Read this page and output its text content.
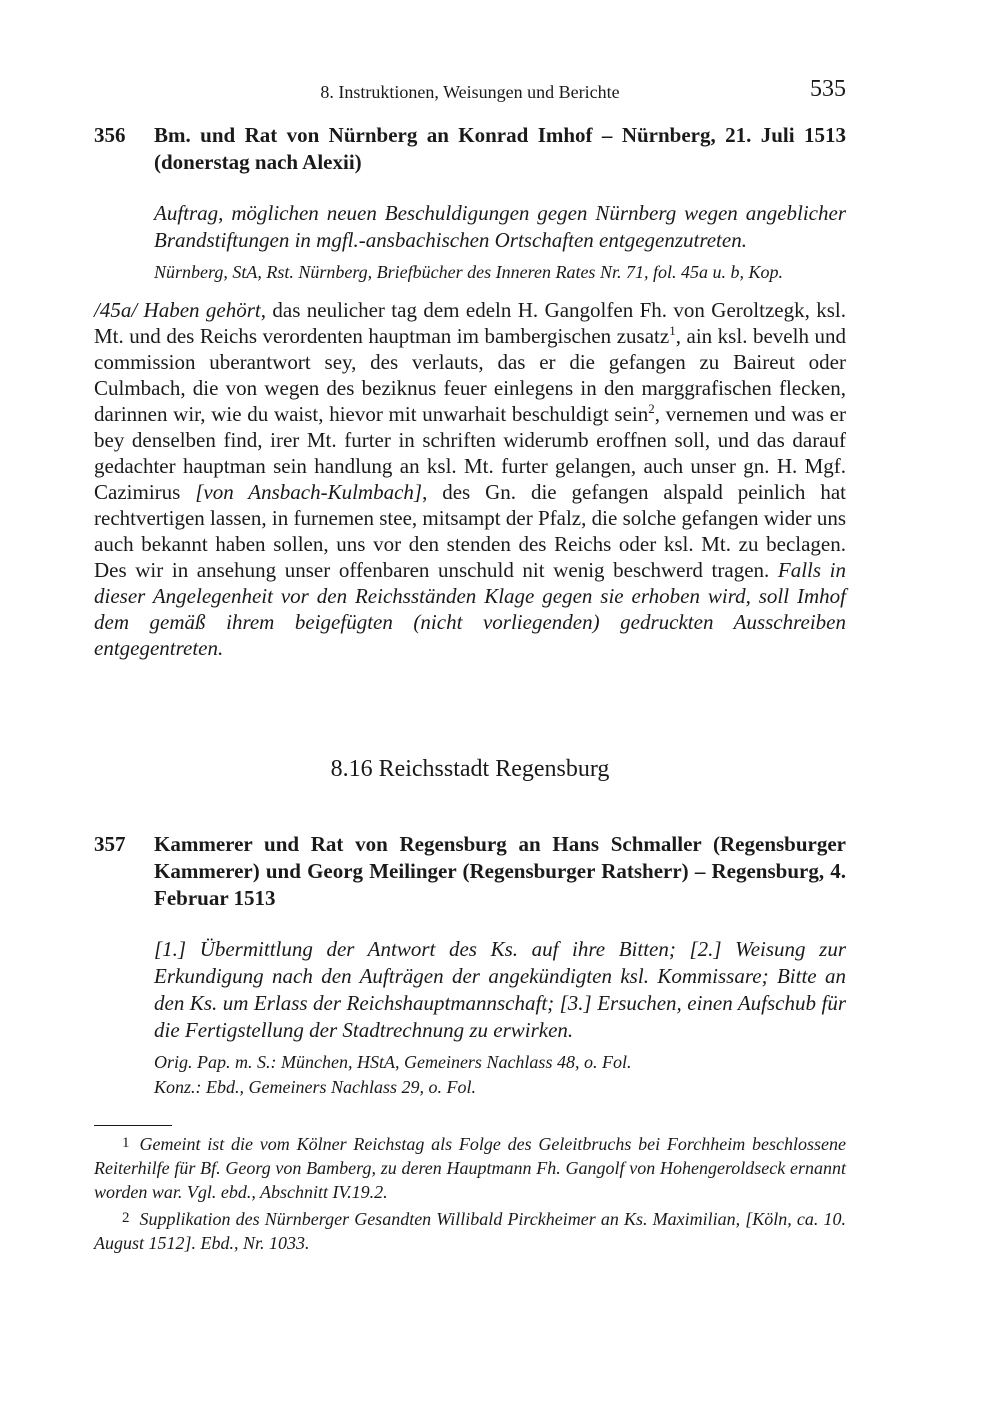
8. Instruktionen, Weisungen und Berichte	535
356 Bm. und Rat von Nürnberg an Konrad Imhof – Nürnberg, 21. Juli 1513 (donerstag nach Alexii)
Auftrag, möglichen neuen Beschuldigungen gegen Nürnberg wegen angeblicher Brandstiftungen in mgfl.-ansbachischen Ortschaften entgegenzutreten.
Nürnberg, StA, Rst. Nürnberg, Briefbücher des Inneren Rates Nr. 71, fol. 45a u. b, Kop.
/45a/ Haben gehört, das neulicher tag dem edeln H. Gangolfen Fh. von Geroltzegk, ksl. Mt. und des Reichs verordenten hauptman im bambergischen zusatz$^1$, ain ksl. bevelh und commission uberantwort sey, des verlauts, das er die gefangen zu Baireut oder Culmbach, die von wegen des beziknus feuer einlegens in den marggrafischen flecken, darinnen wir, wie du waist, hievor mit unwarhait beschuldigt sein$^2$, vernemen und was er bey denselben find, irer Mt. furter in schriften widerumb eroffnen soll, und das darauf gedachter hauptman sein handlung an ksl. Mt. furter gelangen, auch unser gn. H. Mgf. Cazimirus [von Ansbach-Kulmbach], des Gn. die gefangen alspald peinlich hat rechtvertigen lassen, in furnemen stee, mitsampt der Pfalz, die solche gefangen wider uns auch bekannt haben sollen, uns vor den stenden des Reichs oder ksl. Mt. zu beclagen. Des wir in ansehung unser offenbaren unschuld nit wenig beschwerd tragen. Falls in dieser Angelegenheit vor den Reichsständen Klage gegen sie erhoben wird, soll Imhof dem gemäß ihrem beigefügten (nicht vorliegenden) gedruckten Ausschreiben entgegentreten.
8.16 Reichsstadt Regensburg
357 Kammerer und Rat von Regensburg an Hans Schmaller (Regensburger Kammerer) und Georg Meilinger (Regensburger Ratsherr) – Regensburg, 4. Februar 1513
[1.] Übermittlung der Antwort des Ks. auf ihre Bitten; [2.] Weisung zur Erkundigung nach den Aufträgen der angekündigten ksl. Kommissare; Bitte an den Ks. um Erlass der Reichshauptmannschaft; [3.] Ersuchen, einen Aufschub für die Fertigstellung der Stadtrechnung zu erwirken.
Orig. Pap. m. S.: München, HStA, Gemeiners Nachlass 48, o. Fol.
Konz.: Ebd., Gemeiners Nachlass 29, o. Fol.

1 Gemeint ist die vom Kölner Reichstag als Folge des Geleitbruchs bei Forchheim beschlossene Reiterhilfe für Bf. Georg von Bamberg, zu deren Hauptmann Fh. Gangolf von Hohengeroldseck ernannt worden war. Vgl. ebd., Abschnitt IV.19.2.

2 Supplikation des Nürnberger Gesandten Willibald Pirckheimer an Ks. Maximilian, [Köln, ca. 10. August 1512]. Ebd., Nr. 1033.
